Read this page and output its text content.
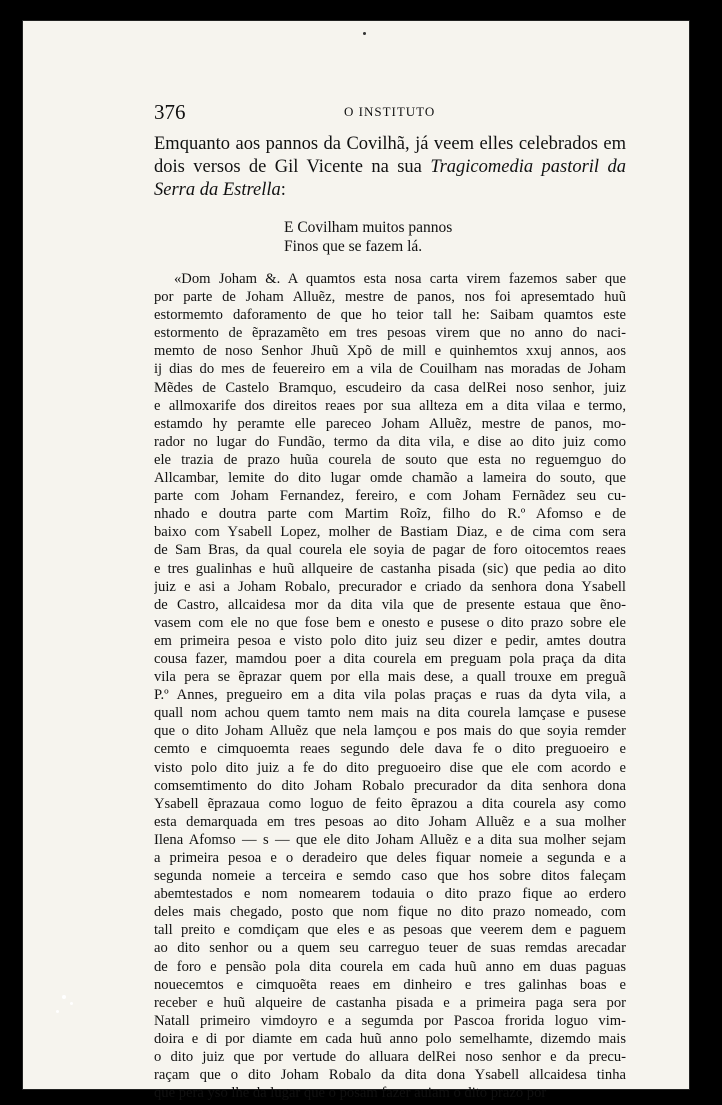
376	O INSTITUTO
Emquanto aos pannos da Covilhã, já veem elles celebrados em dois versos de Gil Vicente na sua Tragicomedia pastoril da Serra da Estrella:
E Covilham muitos pannos
Finos que se fazem lá.
«Dom Joham &. A quamtos esta nosa carta virem fazemos saber que
por parte de Joham Alluẽz, mestre de panos, nos foi apresemtado huũ
estormemto daforamento de que ho teior tall he: Saibam quamtos este
estormento de ẽprazamẽto em tres pesoas virem que no anno do naci-
memto de noso Senhor Jhuũ Xpõ de mill e quinhemtos xxuj annos, aos
ij dias do mes de feuereiro em a vila de Couilham nas moradas de Joham
Mẽdes de Castelo Bramquo, escudeiro da casa delRei noso senhor, juiz
e allmoxarife dos direitos reaes por sua allteza em a dita vilaa e termo,
estamdo hy peramte elle pareceo Joham Alluẽz, mestre de panos, mo-
rador no lugar do Fundão, termo da dita vila, e dise ao dito juiz como
ele trazia de prazo huũa courela de souto que esta no reguemguo do
Allcambar, lemite do dito lugar omde chamão a lameira do souto, que
parte com Joham Fernandez, fereiro, e com Joham Fernãdez seu cu-
nhado e doutra parte com Martim Roĩz, filho do R.º Afomso e de
baixo com Ysabell Lopez, molher de Bastiam Diaz, e de cima com sera
de Sam Bras, da qual courela ele soyia de pagar de foro oitocemtos reaes
e tres gualinhas e huũ allqueire de castanha pisada (sic) que pedia ao dito
juiz e asi a Joham Robalo, precurador e criado da senhora dona Ysabell
de Castro, allcaidesa mor da dita vila que de presente estaua que ẽno-
vasem com ele no que fose bem e onesto e pusese o dito prazo sobre ele
em primeira pesoa e visto polo dito juiz seu dizer e pedir, amtes doutra
cousa fazer, mamdou poer a dita courela em preguam pola praça da dita
vila pera se ẽprazar quem por ella mais dese, a quall trouxe em preguã
P.º Annes, pregueiro em a dita vila polas praças e ruas da dyta vila, a
quall nom achou quem tamto nem mais na dita courela lamçase e pusese
que o dito Joham Alluẽz que nela lamçou e pos mais do que soyia remder
cemto e cimquoemta reaes segundo dele dava fe o dito preguoeiro e
visto polo dito juiz a fe do dito preguoeiro dise que ele com acordo e
comsemtimento do dito Joham Robalo precurador da dita senhora dona
Ysabell ẽprazaua como loguo de feito ẽprazou a dita courela asy como
esta demarquada em tres pesoas ao dito Joham Alluẽz e a sua molher
Ilena Afomso — s — que ele dito Joham Alluẽz e a dita sua molher sejam
a primeira pesoa e o deradeiro que deles fiquar nomeie a segunda e a
segunda nomeie a terceira e semdo caso que hos sobre ditos faleçam
abemtestados e nom nomearem todauia o dito prazo fique ao erdero
deles mais chegado, posto que nom fique no dito prazo nomeado, com
tall preito e comdiçam que eles e as pesoas que veerem dem e paguem
ao dito senhor ou a quem seu carreguo teuer de suas remdas arecadar
de foro e pensão pola dita courela em cada huũ anno em duas paguas
nouecemtos e cimquoẽta reaes em dinheiro e tres galinhas boas e
receber e huũ alqueire de castanha pisada e a primeira paga sera por
Natall primeiro vimdoyro e a segumda por Pascoa frorida loguo vim-
doira e di por diamte em cada huũ anno polo semelhamte, dizemdo mais
o dito juiz que por vertude do alluara delRei noso senhor e da precu-
raçam que o dito Joham Robalo da dita dona Ysabell allcaidesa tinha
que pera yso lhe da lugar que o posam fazer auiam o dito prazo por
